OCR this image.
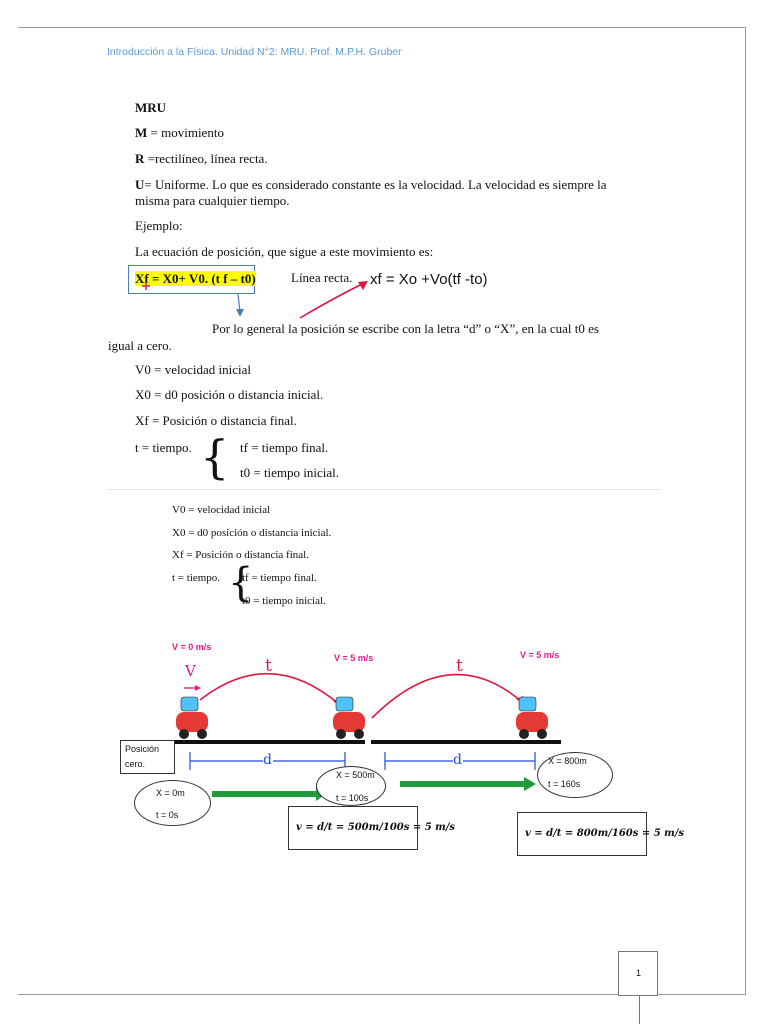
Introducción a la Física. Unidad N°2: MRU. Prof. M.P.H. Gruber
MRU
M = movimiento
R =rectilíneo, línea recta.
U= Uniforme. Lo que es considerado constante es la velocidad. La velocidad es siempre la
misma para cualquier tiempo.
Ejemplo:
La ecuación de posición, que sigue a este movimiento es:
Xf = X0+ V0. (t f – t0)	Línea recta. xf = Xo +Vo(tf -to)
Por lo general la posición se escribe con la letra “d” o “X”, en la cual t0 es
igual a cero.
V0 = velocidad inicial
X0 = d0 posición o distancia inicial.
Xf = Posición o distancia final.
t = tiempo. { tf = tiempo final.
t0 = tiempo inicial.
V0 = velocidad inicial
X0 = d0 posición o distancia inicial.
Xf = Posición o distancia final.
t = tiempo. {
tf = tiempo final.
t0 = tiempo inicial.
V = 0 m/s
V = 5 m/s	V = 5 m/s
V	t	t
d	d
Posición
cero.
X = 0m
t = 0s
X = 500m
t = 100s
X = 800m
t = 160s
v = d/t = 500m/100s = 5 m/s
v = d/t = 800m/160s = 5 m/s
1
